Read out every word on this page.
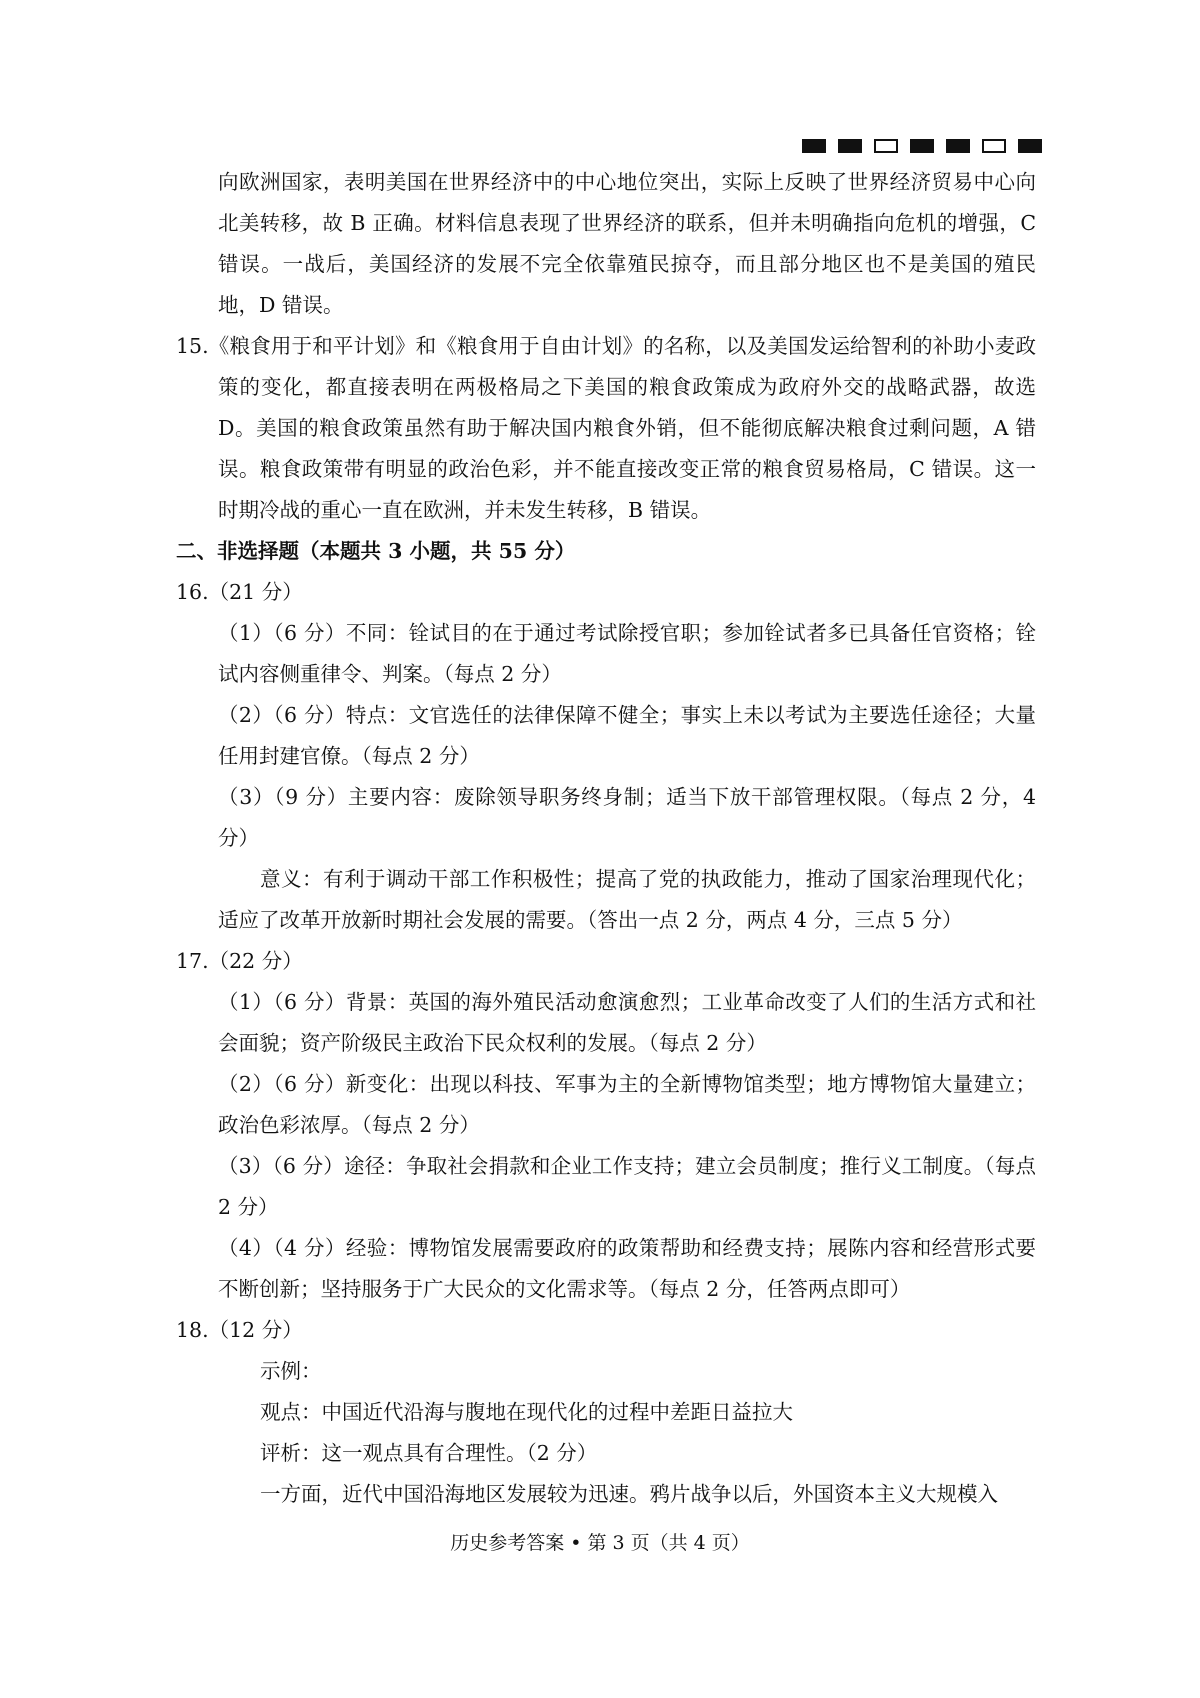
向欧洲国家，表明美国在世界经济中的中心地位突出，实际上反映了世界经济贸易中心向北美转移，故 B 正确。材料信息表现了世界经济的联系，但并未明确指向危机的增强，C 错误。一战后，美国经济的发展不完全依靠殖民掠夺，而且部分地区也不是美国的殖民地，D 错误。
15.《粮食用于和平计划》和《粮食用于自由计划》的名称，以及美国发运给智利的补助小麦政策的变化，都直接表明在两极格局之下美国的粮食政策成为政府外交的战略武器，故选 D。美国的粮食政策虽然有助于解决国内粮食外销，但不能彻底解决粮食过剩问题，A 错误。粮食政策带有明显的政治色彩，并不能直接改变正常的粮食贸易格局，C 错误。这一时期冷战的重心一直在欧洲，并未发生转移，B 错误。
二、非选择题（本题共 3 小题，共 55 分）
16.（21 分）
（1）（6 分）不同：铨试目的在于通过考试除授官职；参加铨试者多已具备任官资格；铨试内容侧重律令、判案。（每点 2 分）
（2）（6 分）特点：文官选任的法律保障不健全；事实上未以考试为主要选任途径；大量任用封建官僚。（每点 2 分）
（3）（9 分）主要内容：废除领导职务终身制；适当下放干部管理权限。（每点 2 分，4 分）
意义：有利于调动干部工作积极性；提高了党的执政能力，推动了国家治理现代化；适应了改革开放新时期社会发展的需要。（答出一点 2 分，两点 4 分，三点 5 分）
17.（22 分）
（1）（6 分）背景：英国的海外殖民活动愈演愈烈；工业革命改变了人们的生活方式和社会面貌；资产阶级民主政治下民众权利的发展。（每点 2 分）
（2）（6 分）新变化：出现以科技、军事为主的全新博物馆类型；地方博物馆大量建立；政治色彩浓厚。（每点 2 分）
（3）（6 分）途径：争取社会捐款和企业工作支持；建立会员制度；推行义工制度。（每点 2 分）
（4）（4 分）经验：博物馆发展需要政府的政策帮助和经费支持；展陈内容和经营形式要不断创新；坚持服务于广大民众的文化需求等。（每点 2 分，任答两点即可）
18.（12 分）
示例：
观点：中国近代沿海与腹地在现代化的过程中差距日益拉大
评析：这一观点具有合理性。（2 分）
一方面，近代中国沿海地区发展较为迅速。鸦片战争以后，外国资本主义大规模入
历史参考答案 • 第 3 页（共 4 页）
